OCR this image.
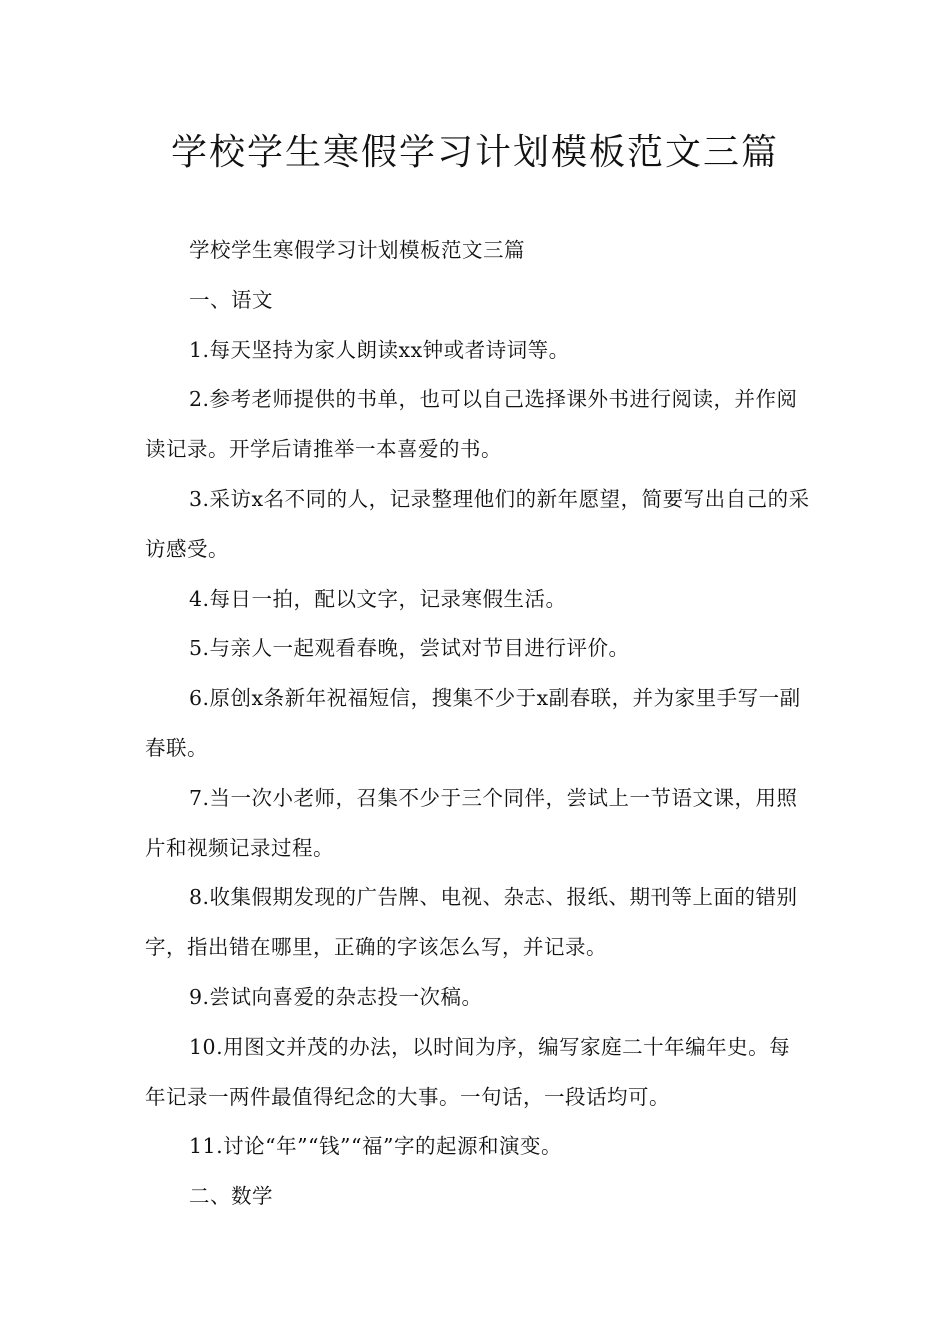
学校学生寒假学习计划模板范文三篇

学校学生寒假学习计划模板范文三篇

一、语文

1.每天坚持为家人朗读xx钟或者诗词等。

2.参考老师提供的书单，也可以自己选择课外书进行阅读，并作阅读记录。开学后请推举一本喜爱的书。

3.采访x名不同的人，记录整理他们的新年愿望，简要写出自己的采访感受。

4.每日一拍，配以文字，记录寒假生活。

5.与亲人一起观看春晚，尝试对节目进行评价。

6.原创x条新年祝福短信，搜集不少于x副春联，并为家里手写一副春联。

7.当一次小老师，召集不少于三个同伴，尝试上一节语文课，用照片和视频记录过程。

8.收集假期发现的广告牌、电视、杂志、报纸、期刊等上面的错别字，指出错在哪里，正确的字该怎么写，并记录。

9.尝试向喜爱的杂志投一次稿。

10.用图文并茂的办法，以时间为序，编写家庭二十年编年史。每年记录一两件最值得纪念的大事。一句话，一段话均可。

11.讨论“年”“钱”“福”字的起源和演变。

二、数学
